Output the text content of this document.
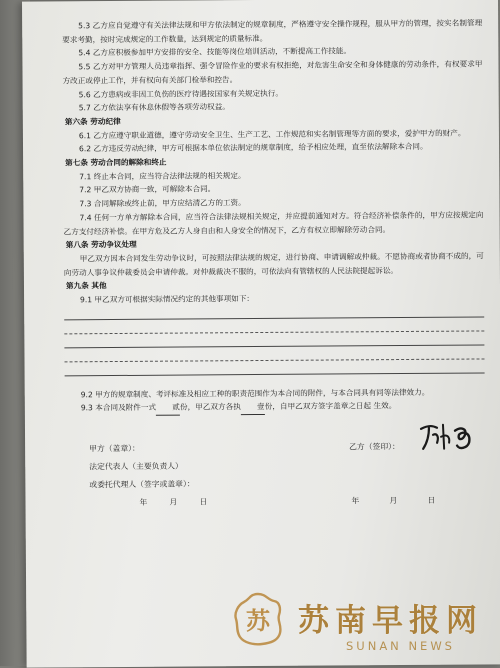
5.3 乙方应自觉遵守有关法律法规和甲方依法制定的规章制度，严格遵守安全操作规程，服从甲方的管理，按实名制管理要求考勤，按时完成规定的工作数量，达到规定的质量标准。

5.4 乙方应积极参加甲方安排的安全、技能等岗位培训活动，不断提高工作技能。

5.5 乙方对甲方管理人员违章指挥、强令冒险作业的要求有权拒绝，对危害生命安全和身体健康的劳动条件，有权要求甲方改正或停止工作，并有权向有关部门检举和控告。

5.6 乙方患病或非因工负伤的医疗待遇按国家有关规定执行。

5.7 乙方依法享有休息休假等各项劳动权益。

第六条 劳动纪律

6.1 乙方应遵守职业道德，遵守劳动安全卫生、生产工艺、工作规范和实名制管理等方面的要求，爱护甲方的财产。

6.2 乙方违反劳动纪律，甲方可根据本单位依法制定的规章制度，给予相应处理，直至依法解除本合同。

第七条 劳动合同的解除和终止

7.1 终止本合同，应当符合法律法规的相关规定。

7.2 甲乙双方协商一致，可解除本合同。

7.3 合同解除或终止前，甲方应结清乙方的工资。

7.4 任何一方单方解除本合同，应当符合法律法规相关规定，并应提前通知对方。符合经济补偿条件的，甲方应按规定向乙方支付经济补偿。在甲方危及乙方人身自由和人身安全的情况下，乙方有权立即解除劳动合同。

第八条 劳动争议处理

甲乙双方因本合同发生劳动争议时，可按照法律法规的规定，进行协商、申请调解或仲裁。不愿协商或者协商不成的，可向劳动人事争议仲裁委员会申请仲裁。对仲裁裁决不服的，可依法向有管辖权的人民法院提起诉讼。

第九条 其他

9.1 甲乙双方可根据实际情况约定的其他事项如下：

9.2 甲方的规章制度、考评标准及相应工种的职责范围作为本合同的附件，与本合同具有同等法律效力。

9.3 本合同及附件一式 贰份，甲乙双方各执 壹份，自甲乙双方签字盖章之日起 生效。

甲方（盖章）：
法定代表人（主要负责人）
或委托代理人（签字或盖章）：
年	月	日
乙方（签印）：
年	月	日
苏 苏南早报网
SUNAN NEWS
